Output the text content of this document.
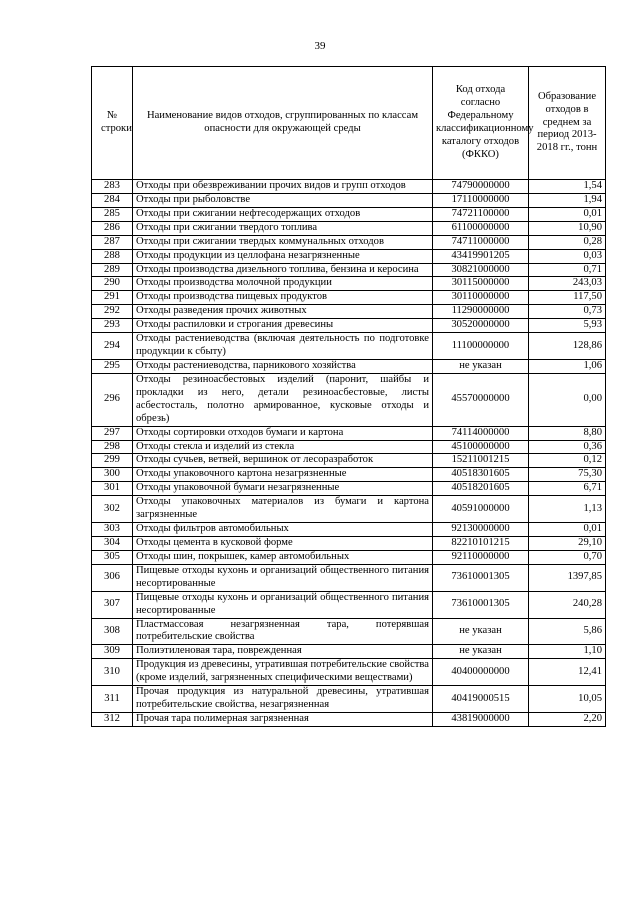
39
№ строки	Наименование видов отходов, сгруппированных по классам опасности для окружающей среды	Код отхода согласно Федеральному классификационному каталогу отходов (ФККО)	Образование отходов в среднем за период 2013-2018 гг., тонн
283	Отходы при обезвреживании прочих видов и групп отходов	74790000000	1,54
284	Отходы при рыболовстве	17110000000	1,94
285	Отходы при сжигании нефтесодержащих отходов	74721100000	0,01
286	Отходы при сжигании твердого топлива	61100000000	10,90
287	Отходы при сжигании твердых коммунальных отходов	74711000000	0,28
288	Отходы продукции из целлофана незагрязненные	43419901205	0,03
289	Отходы производства дизельного топлива, бензина и керосина	30821000000	0,71
290	Отходы производства молочной продукции	30115000000	243,03
291	Отходы производства пищевых продуктов	30110000000	117,50
292	Отходы разведения прочих животных	11290000000	0,73
293	Отходы распиловки и строгания древесины	30520000000	5,93
294	Отходы растениеводства (включая деятельность по подготовке продукции к сбыту)	11100000000	128,86
295	Отходы растениеводства, парникового хозяйства	не указан	1,06
296	Отходы резиноасбестовых изделий (паронит, шайбы и прокладки из него, детали резиноасбестовые, листы асбестосталь, полотно армированное, кусковые отходы и обрезь)	45570000000	0,00
297	Отходы сортировки отходов бумаги и картона	74114000000	8,80
298	Отходы стекла и изделий из стекла	45100000000	0,36
299	Отходы сучьев, ветвей, вершинок от лесоразработок	15211001215	0,12
300	Отходы упаковочного картона незагрязненные	40518301605	75,30
301	Отходы упаковочной бумаги незагрязненные	40518201605	6,71
302	Отходы упаковочных материалов из бумаги и картона загрязненные	40591000000	1,13
303	Отходы фильтров автомобильных	92130000000	0,01
304	Отходы цемента в кусковой форме	82210101215	29,10
305	Отходы шин, покрышек, камер автомобильных	92110000000	0,70
306	Пищевые отходы кухонь и организаций общественного питания несортированные	73610001305	1397,85
307	Пищевые отходы кухонь и организаций общественного питания несортированные	73610001305	240,28
308	Пластмассовая незагрязненная тара, потерявшая потребительские свойства	не указан	5,86
309	Полиэтиленовая тара, поврежденная	не указан	1,10
310	Продукция из древесины, утратившая потребительские свойства (кроме изделий, загрязненных специфическими веществами)	40400000000	12,41
311	Прочая продукция из натуральной древесины, утратившая потребительские свойства, незагрязненная	40419000515	10,05
312	Прочая тара полимерная загрязненная	43819000000	2,20
